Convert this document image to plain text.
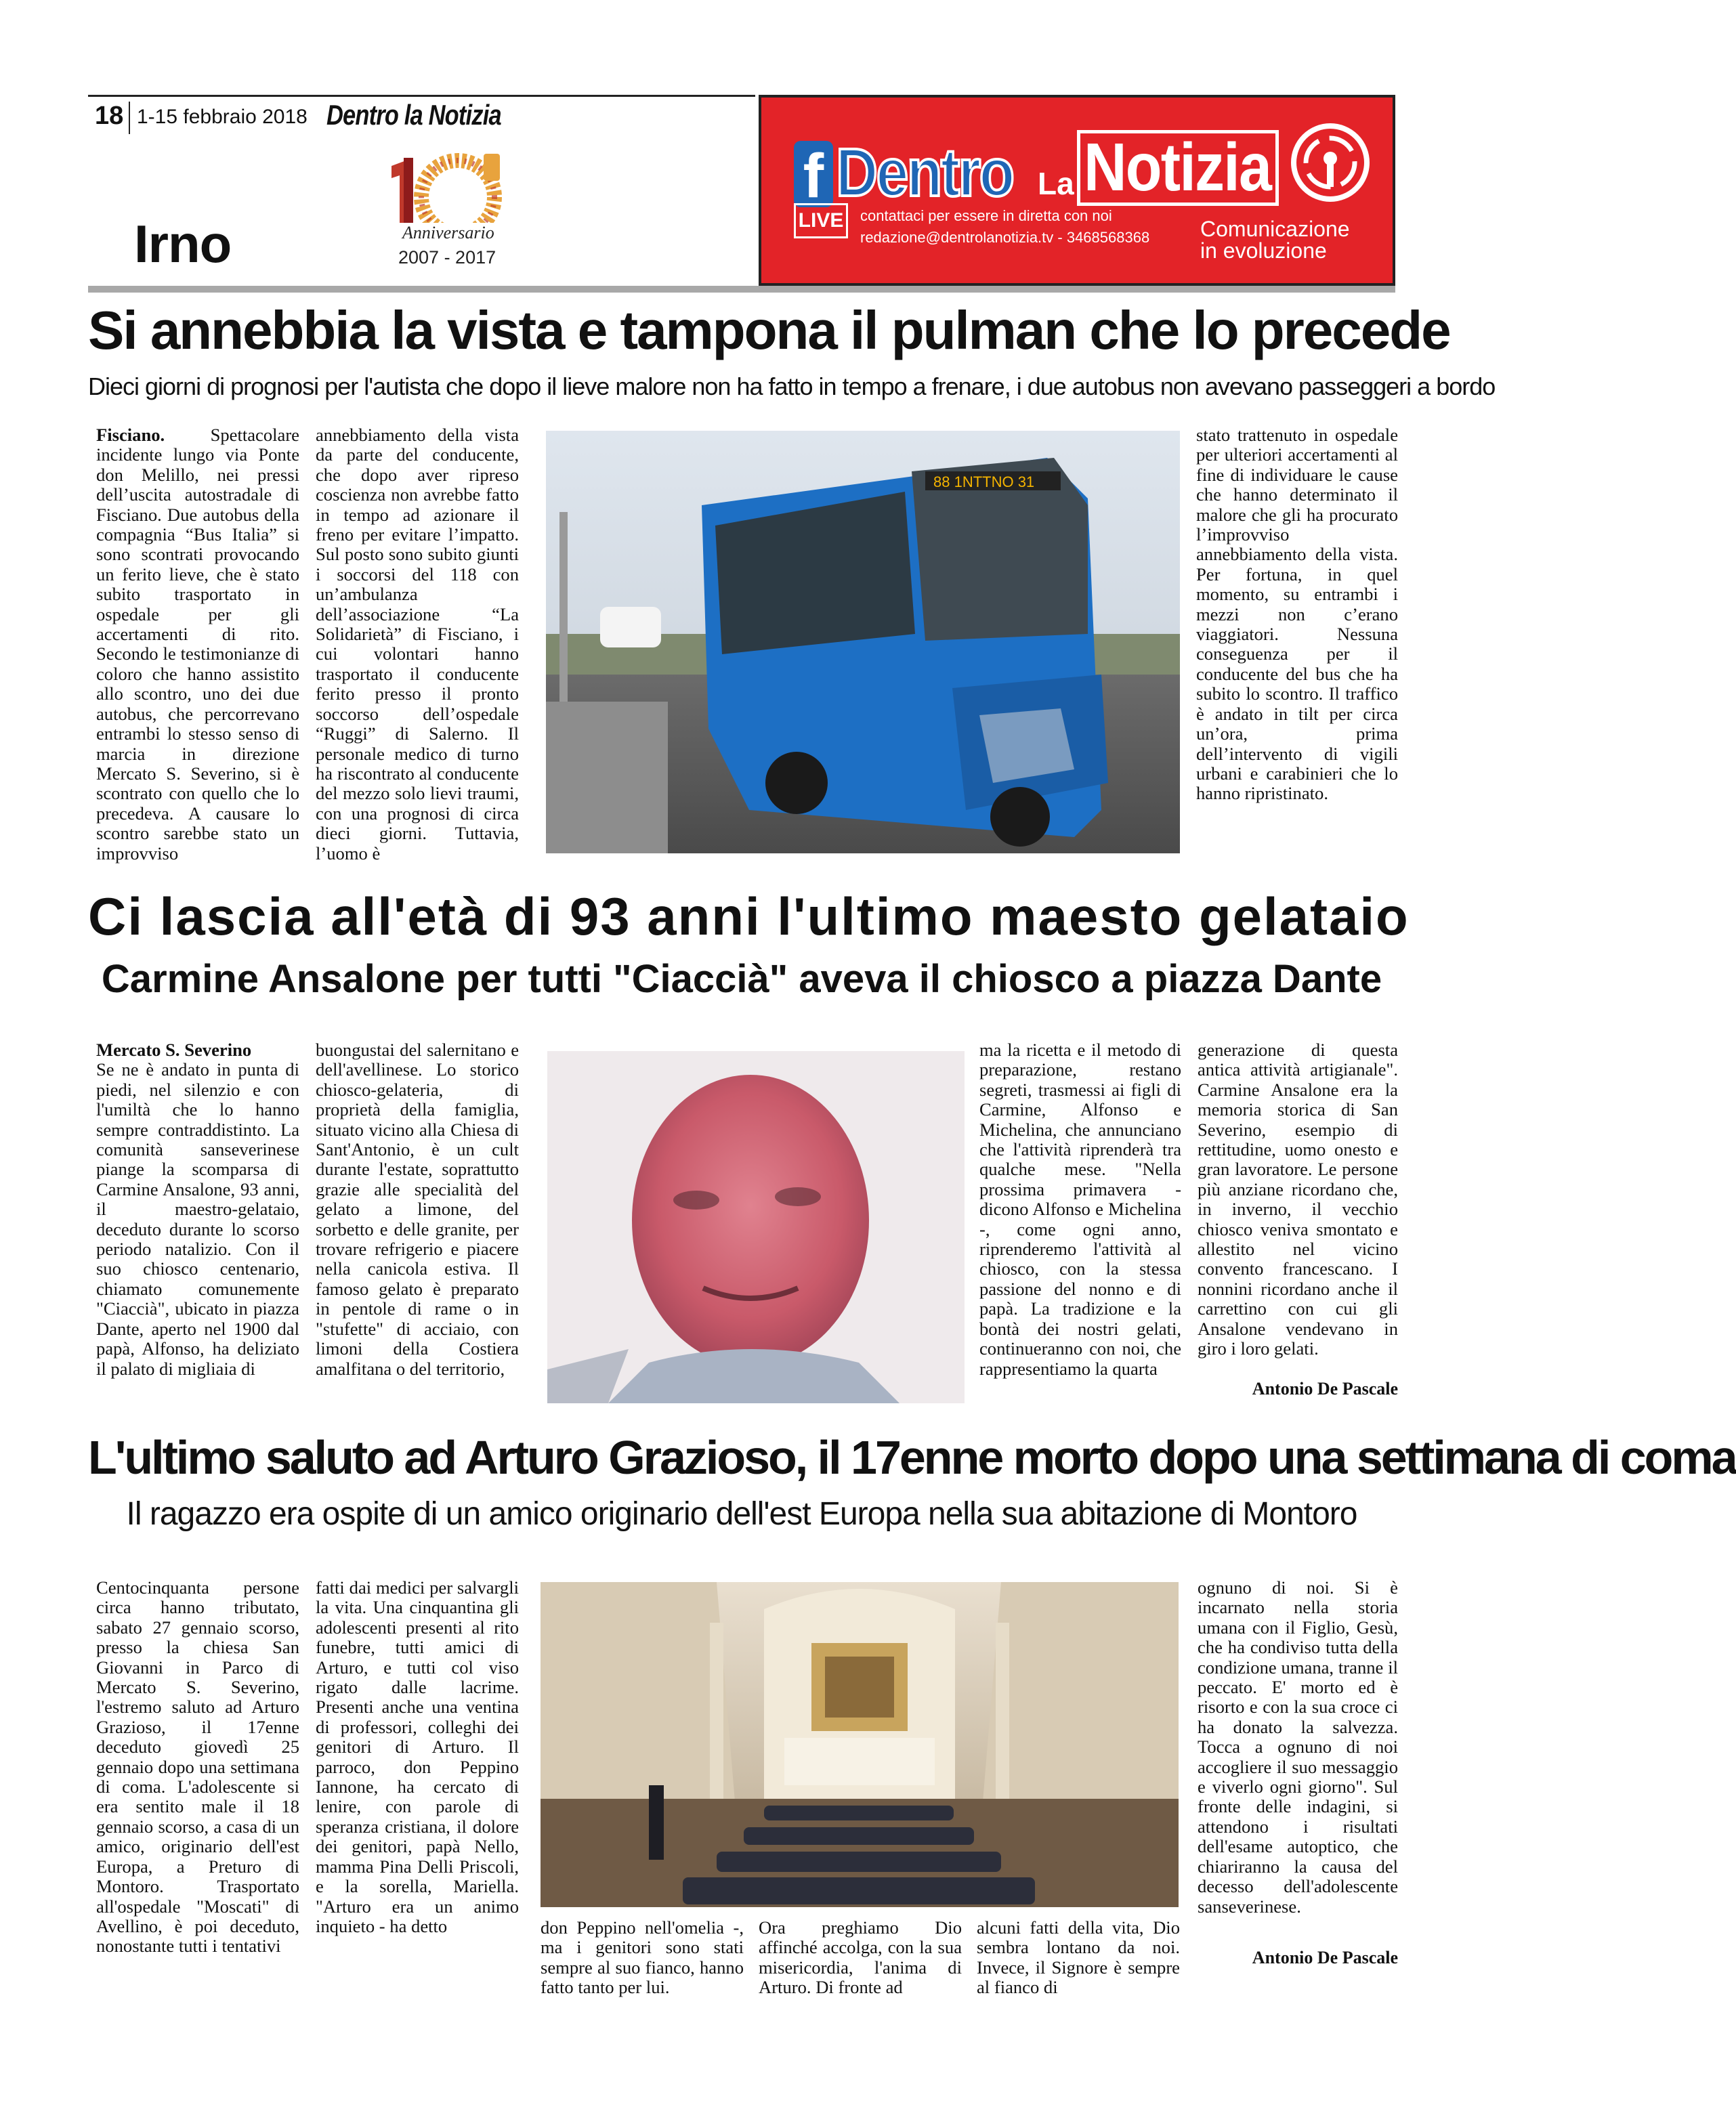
18 1-15 febbraio 2018 Dentro la Notizia
Irno	Anniversario
2007 - 2017
f Dentro La Notizia
LIVE	contattaci per essere in diretta con noi
redazione@dentrolanotizia.tv - 3468568368 Comunicazione
in evoluzione
Si annebbia la vista e tampona il pulman che lo precede
Dieci giorni di prognosi per l'autista che dopo il lieve malore non ha fatto in tempo a frenare, i due autobus non avevano passeggeri a bordo
Fisciano.	Spettacolare incidente lungo via Ponte don Melillo, nei pressi dell’uscita autostradale di Fisciano. Due autobus della compagnia “Bus Italia” si sono scontrati provocando un ferito lieve, che è stato subito trasportato in ospedale per gli accertamenti di rito. Secondo le testimonianze di coloro che hanno assistito allo scontro, uno dei due autobus, che percorrevano entrambi lo stesso senso di marcia in direzione Mercato S. Severino, si è scontrato con quello che lo precedeva. A causare lo scontro sarebbe stato un improvviso
annebbiamento della vista da parte del conducente, che dopo aver ripreso coscienza non avrebbe fatto in tempo ad azionare il freno per evitare l’impatto. Sul posto sono subito giunti i soccorsi del 118 con un’ambulanza dell’associazione “La Solidarietà” di Fisciano, i cui volontari hanno trasportato il conducente ferito presso il pronto soccorso dell’ospedale “Ruggi” di Salerno. Il personale medico di turno ha riscontrato al conducente del mezzo solo lievi traumi, con una prognosi di circa dieci giorni. Tuttavia, l’uomo è
88 1NTTNO 31
stato trattenuto in ospedale per ulteriori accertamenti al fine di individuare le cause che hanno determinato il malore che gli ha procurato l’improvviso annebbiamento della vista. Per fortuna, in quel momento, su entrambi i mezzi non c’erano viaggiatori. Nessuna conseguenza per il conducente del bus che ha subito lo scontro. Il traffico è andato in tilt per circa un’ora, prima dell’intervento di vigili urbani e carabinieri che lo hanno ripristinato.
Ci lascia all'età di 93 anni l'ultimo maesto gelataio
Carmine Ansalone per tutti "Ciaccià" aveva il chiosco a piazza Dante
Mercato S. Severino
Se ne è andato in punta di piedi, nel silenzio e con l'umiltà che lo hanno sempre contraddistinto. La comunità sanseverinese piange la scomparsa di Carmine Ansalone, 93 anni, il maestro-gelataio, deceduto durante lo scorso periodo natalizio. Con il suo chiosco centenario, chiamato comunemente "Ciaccià", ubicato in piazza Dante, aperto nel 1900 dal papà, Alfonso, ha deliziato il palato di migliaia di
buongustai del salernitano e dell'avellinese. Lo storico chiosco-gelateria, di proprietà della famiglia, situato vicino alla Chiesa di Sant'Antonio, è un cult durante l'estate, soprattutto grazie alle specialità del gelato a limone, del sorbetto e delle granite, per trovare refrigerio e piacere nella canicola estiva. Il famoso gelato è preparato in pentole di rame o in "stufette" di acciaio, con limoni della Costiera amalfitana o del territorio,
ma la ricetta e il metodo di preparazione, restano segreti, trasmessi ai figli di Carmine, Alfonso e Michelina, che annunciano che l'attività riprenderà tra qualche mese. "Nella prossima primavera - dicono Alfonso e Michelina -, come ogni anno, riprenderemo l'attività al chiosco, con la stessa passione del nonno e di papà. La tradizione e la bontà dei nostri gelati, continueranno con noi, che rappresentiamo la quarta
generazione di questa antica attività artigianale". Carmine Ansalone era la memoria storica di San Severino, esempio di rettitudine, uomo onesto e gran lavoratore. Le persone più anziane ricordano che, in inverno, il vecchio chiosco veniva smontato e allestito nel vicino convento francescano. I nonnini ricordano anche il carrettino con cui gli Ansalone vendevano in giro i loro gelati.
Antonio De Pascale
L'ultimo saluto ad Arturo Grazioso, il 17enne morto dopo una settimana di coma
Il ragazzo era ospite di un amico originario dell'est Europa nella sua abitazione di Montoro
Centocinquanta persone circa hanno tributato, sabato 27 gennaio scorso, presso la chiesa San Giovanni in Parco di Mercato S. Severino, l'estremo saluto ad Arturo Grazioso, il 17enne deceduto giovedì 25 gennaio dopo una settimana di coma. L'adolescente si era sentito male il 18 gennaio scorso, a casa di un amico, originario dell'est Europa, a Preturo di Montoro. Trasportato all'ospedale "Moscati" di Avellino, è poi deceduto, nonostante tutti i tentativi
fatti dai medici per salvargli la vita. Una cinquantina gli adolescenti presenti al rito funebre, tutti amici di Arturo, e tutti col viso rigato dalle lacrime. Presenti anche una ventina di professori, colleghi dei genitori di Arturo. Il parroco, don Peppino Iannone, ha cercato di lenire, con parole di speranza cristiana, il dolore dei genitori, papà Nello, mamma Pina Delli Priscoli, e la sorella, Mariella. "Arturo era un animo inquieto - ha detto	don Peppino nell'omelia -, ma i genitori sono stati sempre al suo fianco, hanno fatto tanto per lui.
Ora preghiamo Dio affinché accolga, con la sua misericordia, l'anima di Arturo. Di fronte ad
alcuni fatti della vita, Dio sembra lontano da noi. Invece, il Signore è sempre al fianco di
ognuno di noi. Si è incarnato nella storia umana con il Figlio, Gesù, che ha condiviso tutta della condizione umana, tranne il peccato. E' morto ed è risorto e con la sua croce ci ha donato la salvezza. Tocca a ognuno di noi accogliere il suo messaggio e viverlo ogni giorno". Sul fronte delle indagini, si attendono i risultati dell'esame autoptico, che chiariranno la causa del decesso dell'adolescente sanseverinese.
Antonio De Pascale
